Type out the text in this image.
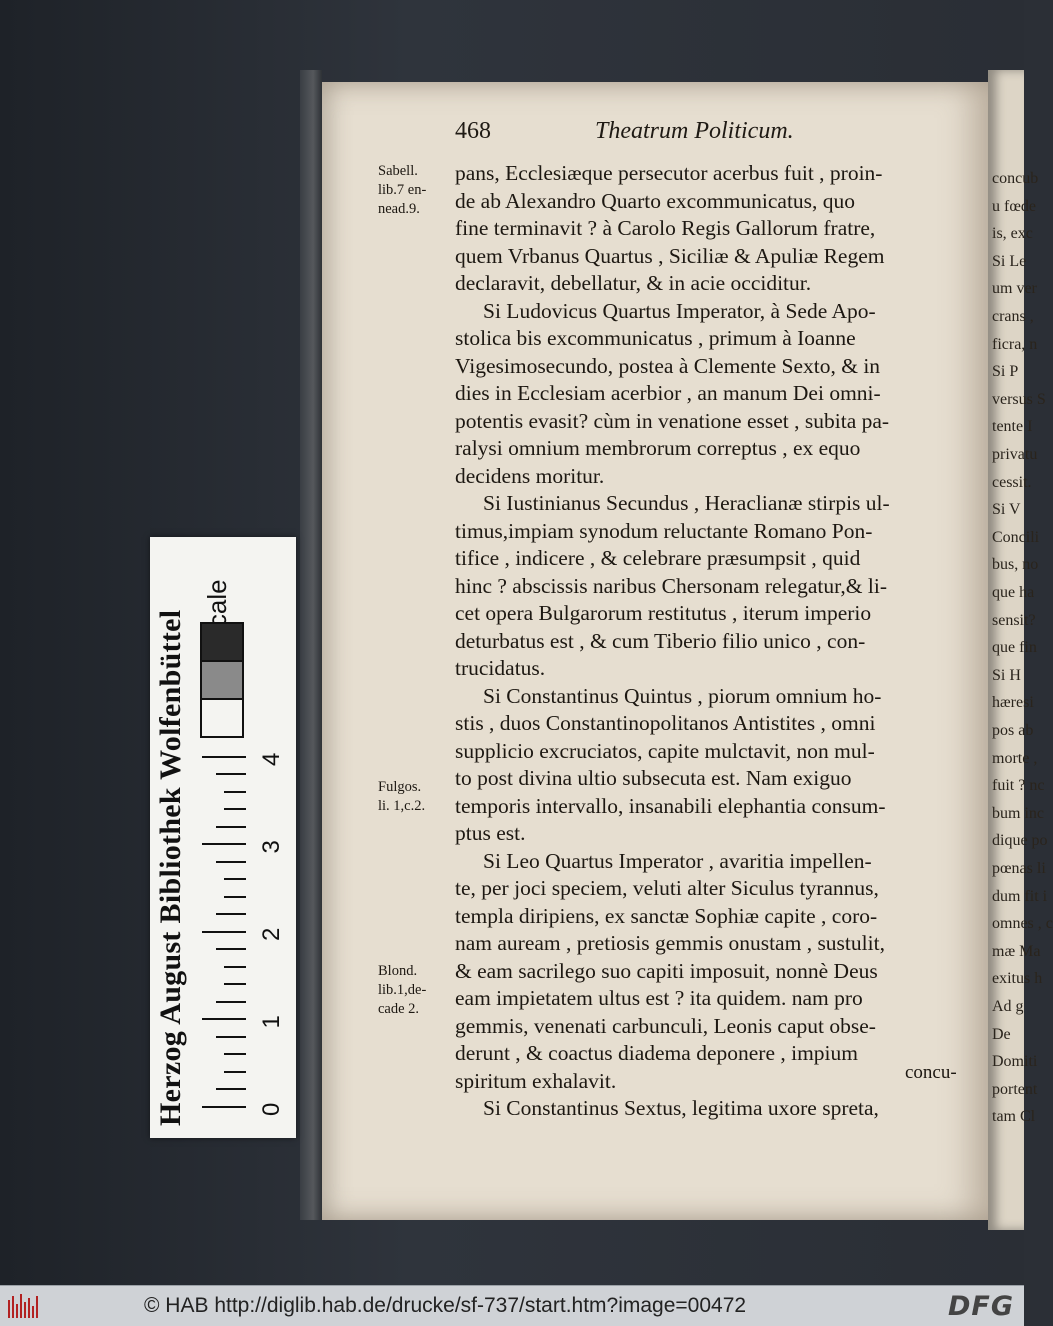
concub
u fœde
is, exc
Si Le
um ver
crans ,
ficra, n
Si P
versus S
tente I
privatu
cessit.
Si V
Concili
bus, no
que ha
sensit?
que fin
Si H
hæresi
pos ab
morte ,
fuit ? nc
bum inc
dique po
pœnas li
dum fit i
omnes , c
mæ Ma
exitus h
Ad g
De
Domiti
portent
tam Cl
468	Theatrum Politicum.
pans, Ecclesiæque persecutor acerbus fuit , proin-
de ab Alexandro Quarto excommunicatus, quo
fine terminavit ? à Carolo Regis Gallorum fratre,
quem Vrbanus Quartus , Siciliæ & Apuliæ Regem
declaravit, debellatur, & in acie occiditur.
Si Ludovicus Quartus Imperator, à Sede Apo-
stolica bis excommunicatus , primum à Ioanne
Vigesimosecundo, postea à Clemente Sexto, & in
dies in Ecclesiam acerbior , an manum Dei omni-
potentis evasit? cùm in venatione esset , subita pa-
ralysi omnium membrorum correptus , ex equo
decidens moritur.
Si Iustinianus Secundus , Heraclianæ stirpis ul-
timus,impiam synodum reluctante Romano Pon-
tifice , indicere , & celebrare præsumpsit , quid
hinc ? abscissis naribus Chersonam relegatur,& li-
cet opera Bulgarorum restitutus , iterum imperio
deturbatus est , & cum Tiberio filio unico , con-
trucidatus.
Si Constantinus Quintus , piorum omnium ho-
stis , duos Constantinopolitanos Antistites , omni
supplicio excruciatos, capite mulctavit, non mul-
to post divina ultio subsecuta est. Nam exiguo
temporis intervallo, insanabili elephantia consum-
ptus est.
Si Leo Quartus Imperator , avaritia impellen-
te, per joci speciem, veluti alter Siculus tyrannus,
templa diripiens, ex sanctæ Sophiæ capite , coro-
nam auream , pretiosis gemmis onustam , sustulit,
& eam sacrilego suo capiti imposuit, nonnè Deus
eam impietatem ultus est ? ita quidem. nam pro
gemmis, venenati carbunculi, Leonis caput obse-
derunt , & coactus diadema deponere , impium
spiritum exhalavit.
Si Constantinus Sextus, legitima uxore spreta,
Sabell.
lib.7 en-
nead.9.
Fulgos.
li. 1,c.2.
Blond.
lib.1,de-
cade 2.
concu-
Herzog August Bibliothek Wolfenbüttel	0
1
2
3
4
© HAB http://diglib.hab.de/drucke/sf-737/start.htm?image=00472	DFG
